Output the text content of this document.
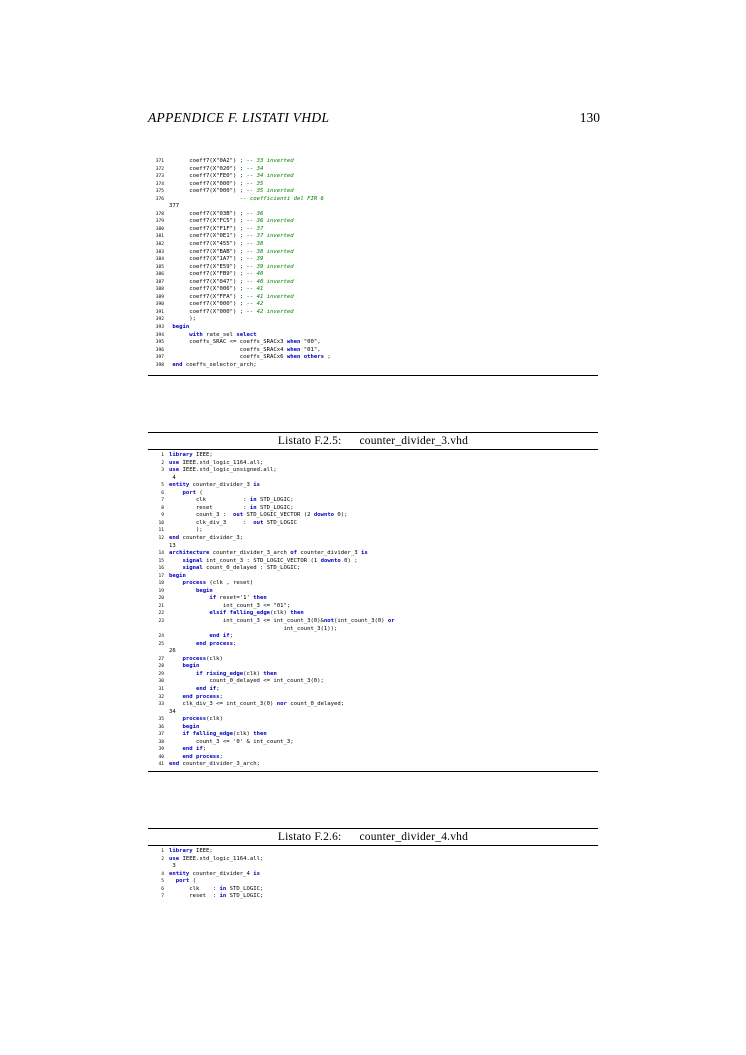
APPENDICE F. LISTATI VHDL	130
371      coeff7(X"0A2") ; -- 33 inverted
372      coeff7(X"020") ; -- 34
373      coeff7(X"FE0") ; -- 34 inverted
374      coeff7(X"000") ; -- 35
375      coeff7(X"000") ; -- 35 inverted
376	-- coefficienti del FIR 6
377
378      coeff7(X"03B") ; -- 36
379      coeff7(X"FC5") ; -- 36 inverted
380      coeff7(X"F1F") ; -- 37
381      coeff7(X"0E1") ; -- 37 inverted
382      coeff7(X"455") ; -- 38
383      coeff7(X"BAB") ; -- 38 inverted
384      coeff7(X"1A7") ; -- 39
385      coeff7(X"E59") ; -- 39 inverted
386      coeff7(X"FB9") ; -- 40
387      coeff7(X"047") ; -- 40 inverted
388      coeff7(X"006") ; -- 41
389      coeff7(X"FFA") ; -- 41 inverted
390      coeff7(X"000") ; -- 42
391      coeff7(X"000") ; -- 42 inverted
392      );
393 begin
394	with rate_sel select
395      coeffs_SRAC <= coeffs_SRACx3 when "00",
396                     coeffs_SRACx4 when "01",
397                     coeffs_SRACx6 when others ;
398 end coeffs_selector_arch;
Listato F.2.5: counter_divider_3.vhd
1 library IEEE;
2 use IEEE.std_logic_1164.all;
3 use IEEE.std_logic_unsigned.all;
4
5 entity counter_divider_3 is
6	port (
7        clk           : in STD_LOGIC;
8        reset         : in STD_LOGIC;
9        count_3 :  out STD_LOGIC_VECTOR (2 downto 0);
10        clk_div_3     :  out STD_LOGIC
11        );
12 end counter_divider_3;
13
14 architecture counter_divider_3_arch of counter_divider_3 is
15	signal int_count_3 : STD_LOGIC_VECTOR (1 downto 0) ;
16	signal count_0_delayed : STD_LOGIC;
17 begin
18	process (clk , reset)
19	begin
20	if reset='1' then
21                int_count_3 <= "01";
22	elsif falling_edge(clk) then
23                int_count_3 <= int_count_3(0)&not(int_count_3(0) or
int_count_3(1));
24	end if;
25	end process;
26
27	process(clk)
28	begin
29	if rising_edge(clk) then
30            count_0_delayed <= int_count_3(0);
31	end if;
32	end process;
33    clk_div_3 <= int_count_3(0) nor count_0_delayed;
34
35	process(clk)
36	begin
37	if falling_edge(clk) then
38        count_3 <= '0' & int_count_3;
39	end if;
40	end process;
41 end counter_divider_3_arch;
Listato F.2.6: counter_divider_4.vhd
1 library IEEE;
2 use IEEE.std_logic_1164.all;
3
4 entity counter_divider_4 is
5 port (
6      clk    : in STD_LOGIC;
7      reset  : in STD_LOGIC;
